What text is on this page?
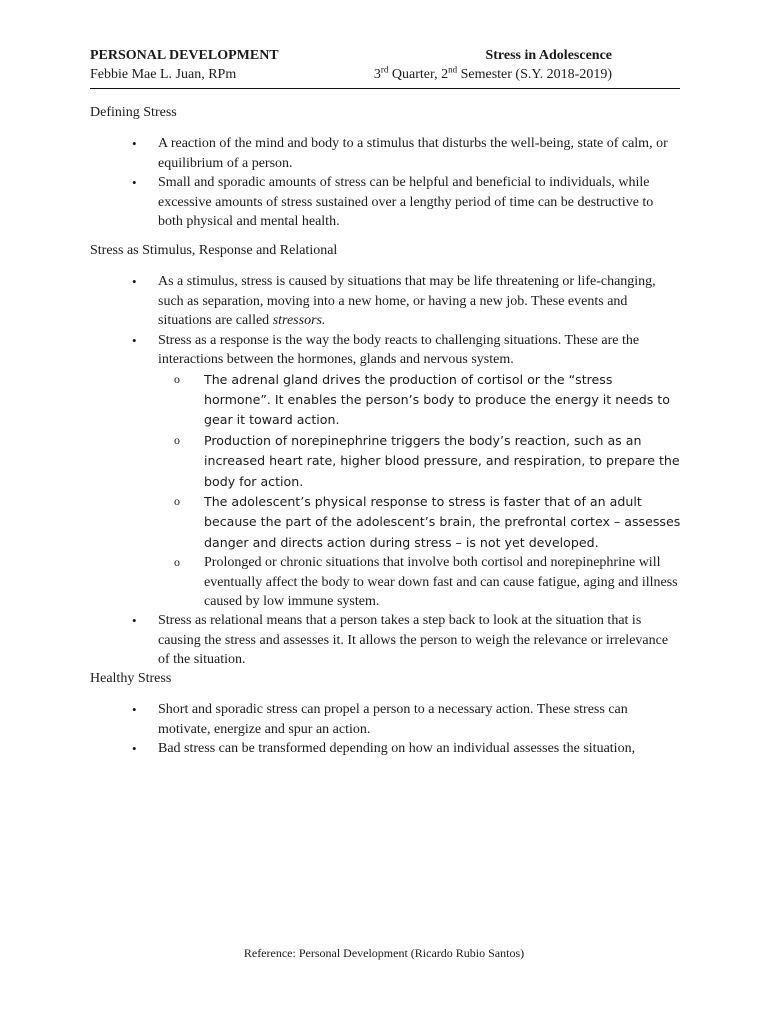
PERSONAL DEVELOPMENT	Stress in Adolescence
Febbie Mae L. Juan, RPm	3rd Quarter, 2nd Semester (S.Y. 2018-2019)
Defining Stress
• A reaction of the mind and body to a stimulus that disturbs the well-being, state of calm, or equilibrium of a person.
• Small and sporadic amounts of stress can be helpful and beneficial to individuals, while excessive amounts of stress sustained over a lengthy period of time can be destructive to both physical and mental health.
Stress as Stimulus, Response and Relational
• As a stimulus, stress is caused by situations that may be life threatening or life-changing, such as separation, moving into a new home, or having a new job. These events and situations are called stressors.
• Stress as a response is the way the body reacts to challenging situations. These are the interactions between the hormones, glands and nervous system.
o The adrenal gland drives the production of cortisol or the “stress hormone”. It enables the person’s body to produce the energy it needs to gear it toward action.
o Production of norepinephrine triggers the body’s reaction, such as an increased heart rate, higher blood pressure, and respiration, to prepare the body for action.
o The adolescent’s physical response to stress is faster that of an adult because the part of the adolescent’s brain, the prefrontal cortex – assesses danger and directs action during stress – is not yet developed.
o Prolonged or chronic situations that involve both cortisol and norepinephrine will eventually affect the body to wear down fast and can cause fatigue, aging and illness caused by low immune system.
• Stress as relational means that a person takes a step back to look at the situation that is causing the stress and assesses it. It allows the person to weigh the relevance or irrelevance of the situation.
Healthy Stress
• Short and sporadic stress can propel a person to a necessary action. These stress can motivate, energize and spur an action.
• Bad stress can be transformed depending on how an individual assesses the situation,
Reference: Personal Development (Ricardo Rubio Santos)
